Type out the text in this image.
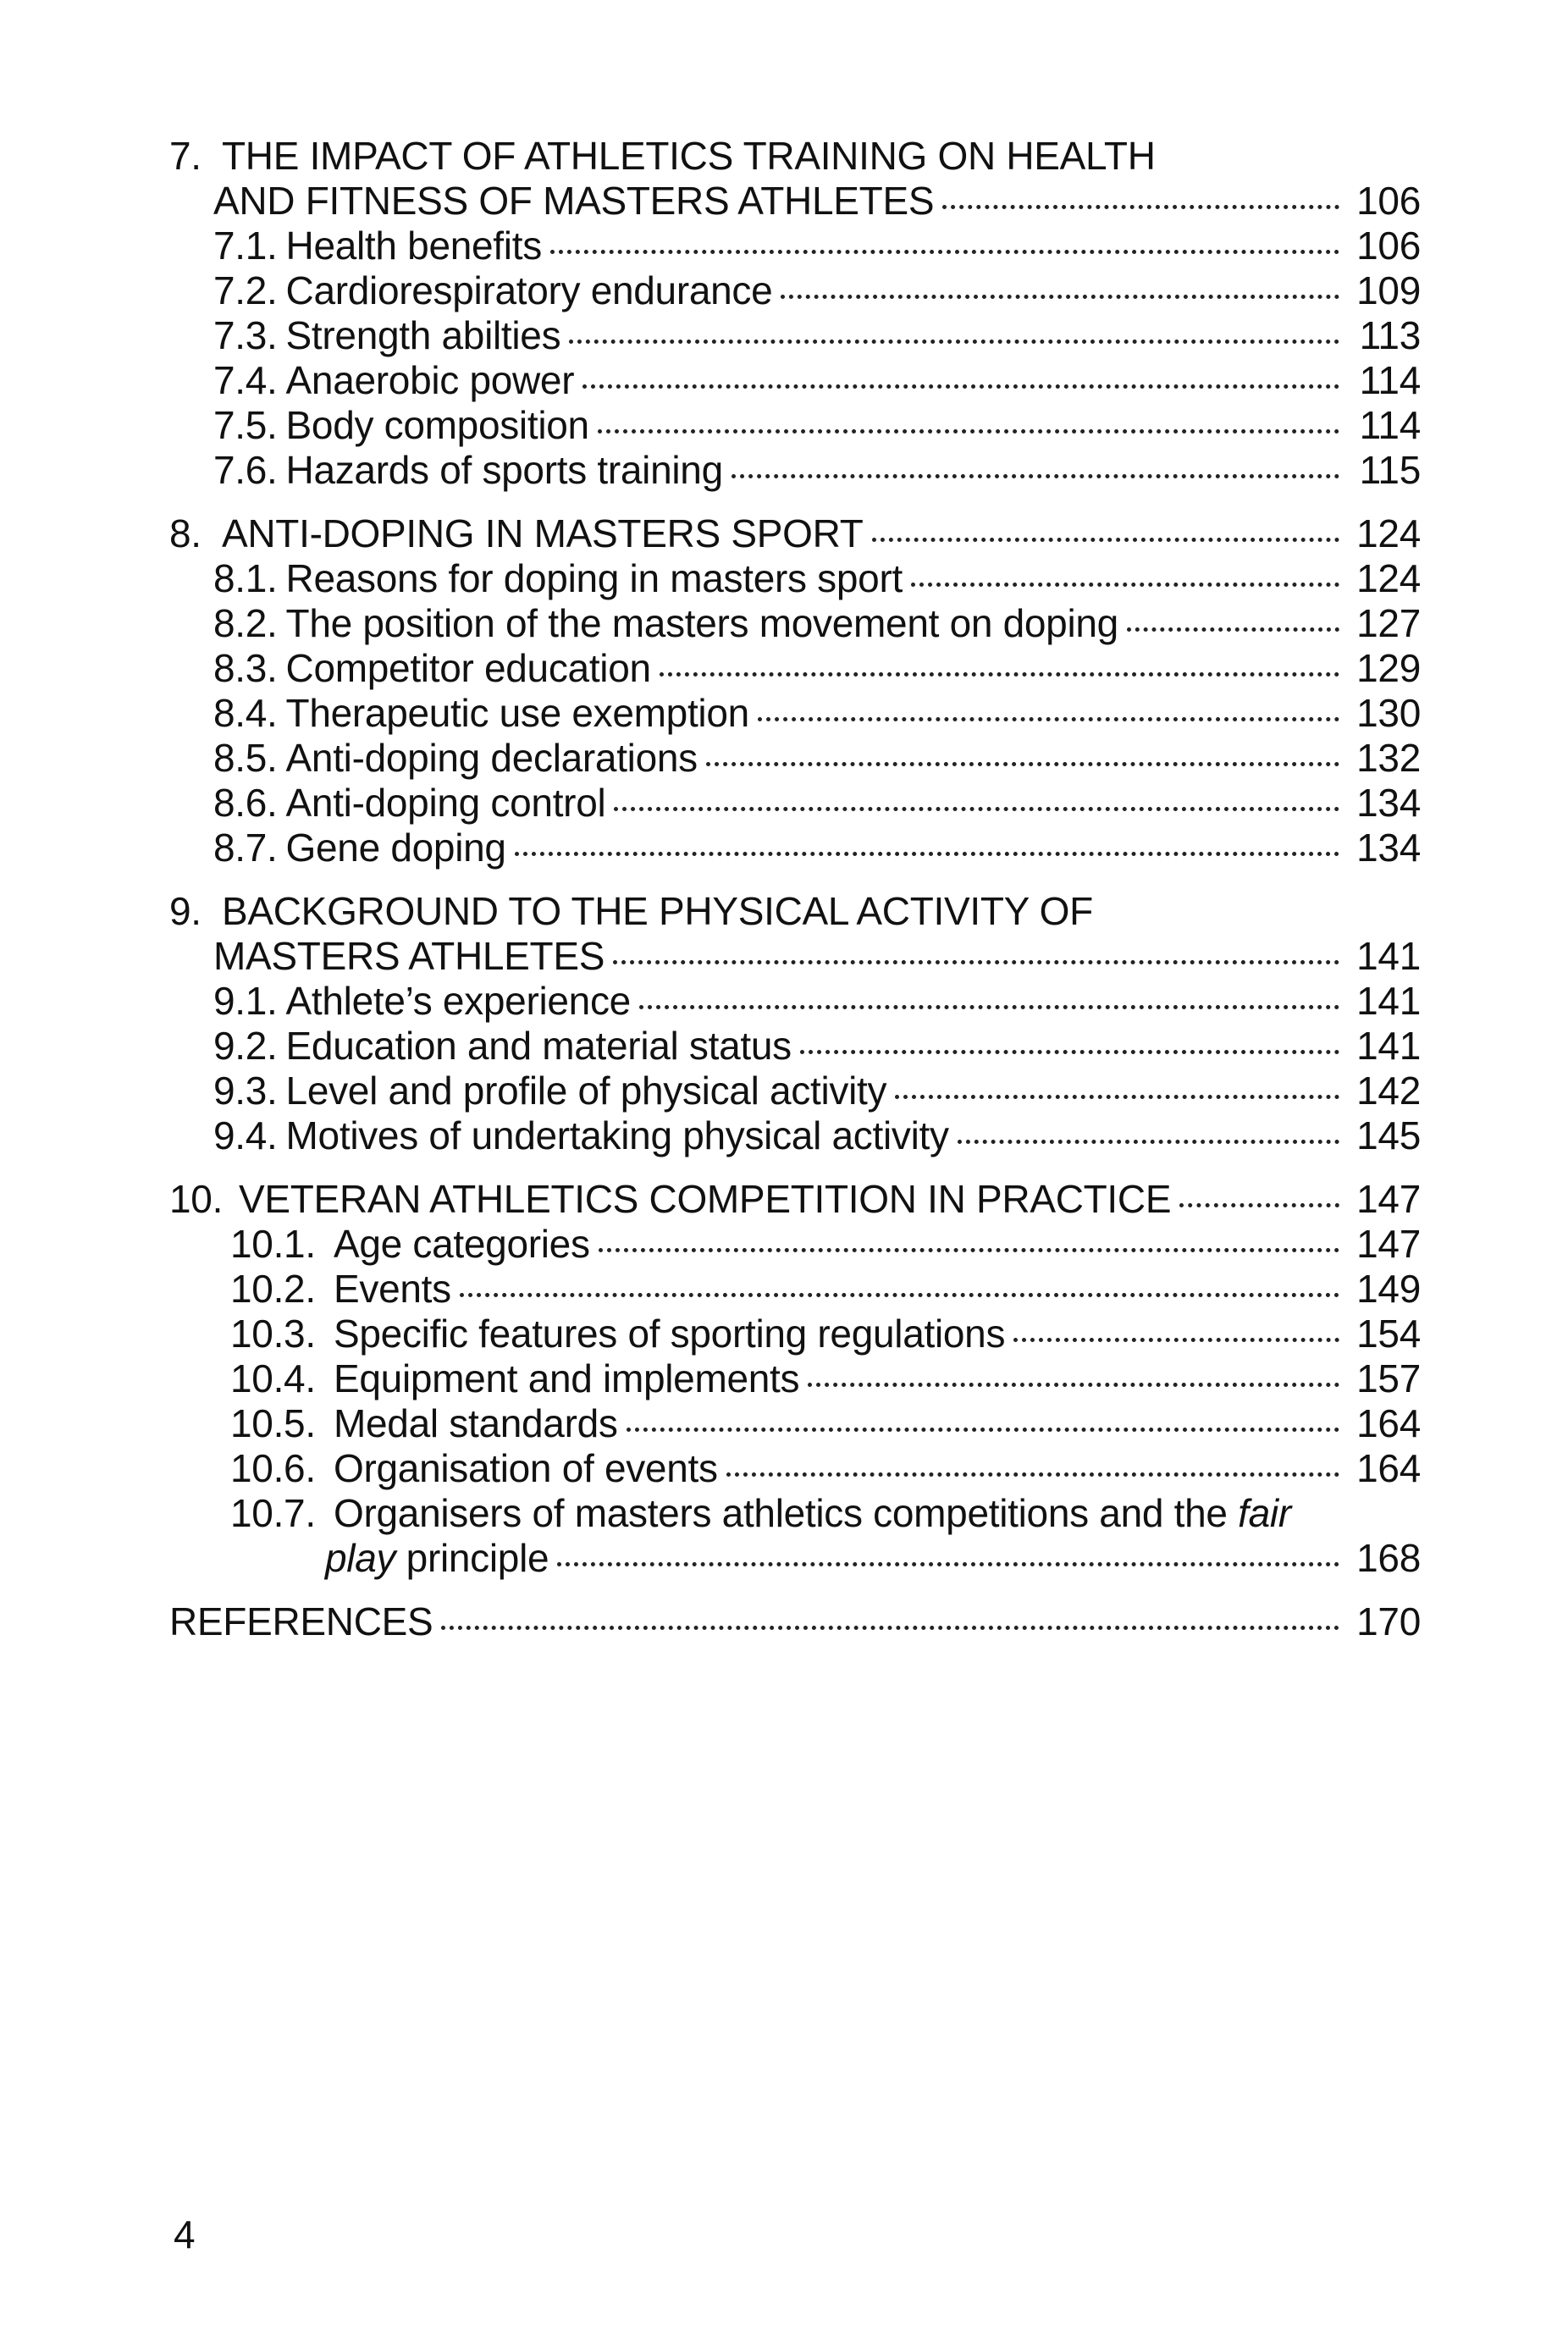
7. THE IMPACT OF ATHLETICS TRAINING ON HEALTH
AND FITNESS OF MASTERS ATHLETES	106
7.1. Health benefits	106
7.2. Cardiorespiratory endurance	109
7.3. Strength abilties	113
7.4. Anaerobic power	114
7.5. Body composition	114
7.6. Hazards of sports training	115
8. ANTI-DOPING IN MASTERS SPORT	124
8.1. Reasons for doping in masters sport	124
8.2. The position of the masters movement on doping	127
8.3. Competitor education	129
8.4. Therapeutic use exemption	130
8.5. Anti-doping declarations	132
8.6. Anti-doping control	134
8.7. Gene doping	134
9. BACKGROUND TO THE PHYSICAL ACTIVITY OF
MASTERS ATHLETES	141
9.1. Athlete’s experience	141
9.2. Education and material status	141
9.3. Level and profile of physical activity	142
9.4. Motives of undertaking physical activity	145
10. VETERAN ATHLETICS COMPETITION IN PRACTICE	147
10.1. Age categories	147
10.2. Events	149
10.3. Specific features of sporting regulations	154
10.4. Equipment and implements	157
10.5. Medal standards	164
10.6. Organisation of events	164
10.7. Organisers of masters athletics competitions and the fair
play principle	168
REFERENCES	170
4
